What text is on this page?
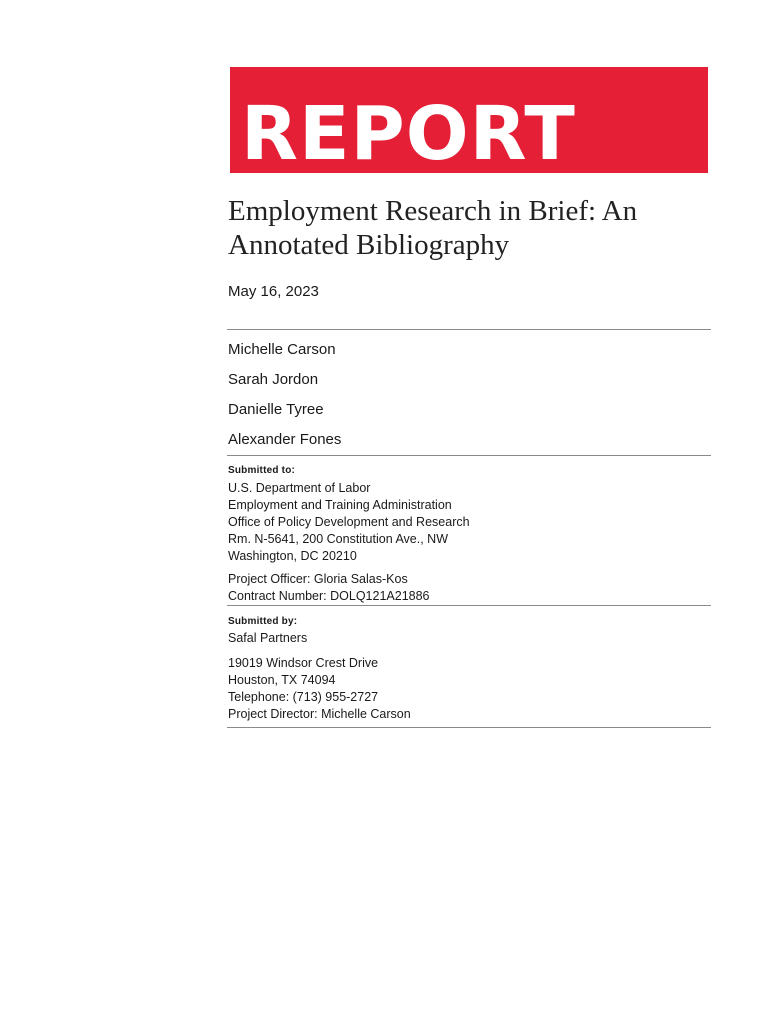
REPORT
Employment Research in Brief: An
Annotated Bibliography
May 16, 2023
Michelle Carson
Sarah Jordon
Danielle Tyree
Alexander Fones
Submitted to:
U.S. Department of Labor
Employment and Training Administration
Office of Policy Development and Research
Rm. N-5641, 200 Constitution Ave., NW
Washington, DC 20210
Project Officer: Gloria Salas-Kos
Contract Number: DOLQ121A21886
Submitted by:
Safal Partners
19019 Windsor Crest Drive
Houston, TX 74094
Telephone: (713) 955-2727
Project Director: Michelle Carson
